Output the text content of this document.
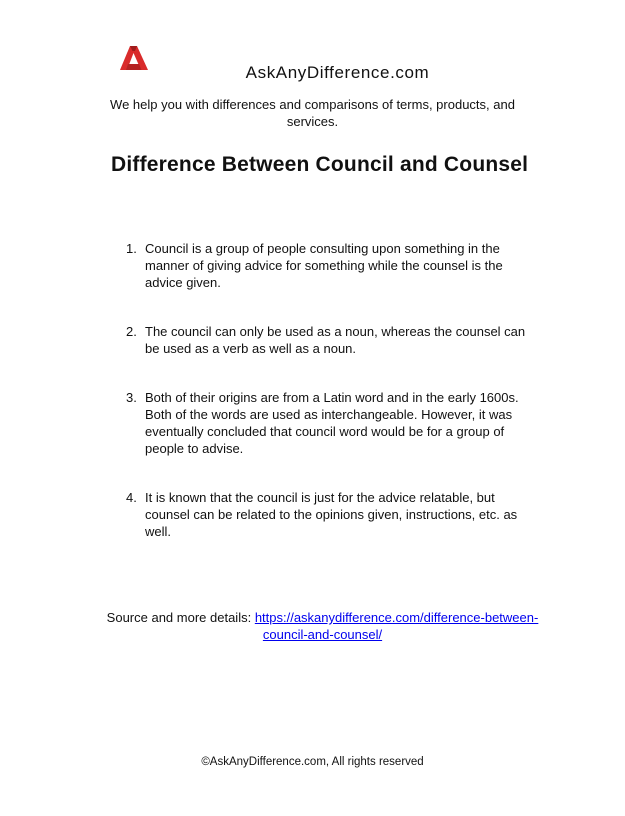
AskAnyDifference.com
We help you with differences and comparisons of terms, products, and services.
Difference Between Council and Counsel
1. Council is a group of people consulting upon something in the manner of giving advice for something while the counsel is the advice given.
2. The council can only be used as a noun, whereas the counsel can be used as a verb as well as a noun.
3. Both of their origins are from a Latin word and in the early 1600s. Both of the words are used as interchangeable. However, it was eventually concluded that council word would be for a group of people to advise.
4. It is known that the council is just for the advice relatable, but counsel can be related to the opinions given, instructions, etc. as well.
Source and more details: https://askanydifference.com/difference-between-council-and-counsel/
©AskAnyDifference.com, All rights reserved
